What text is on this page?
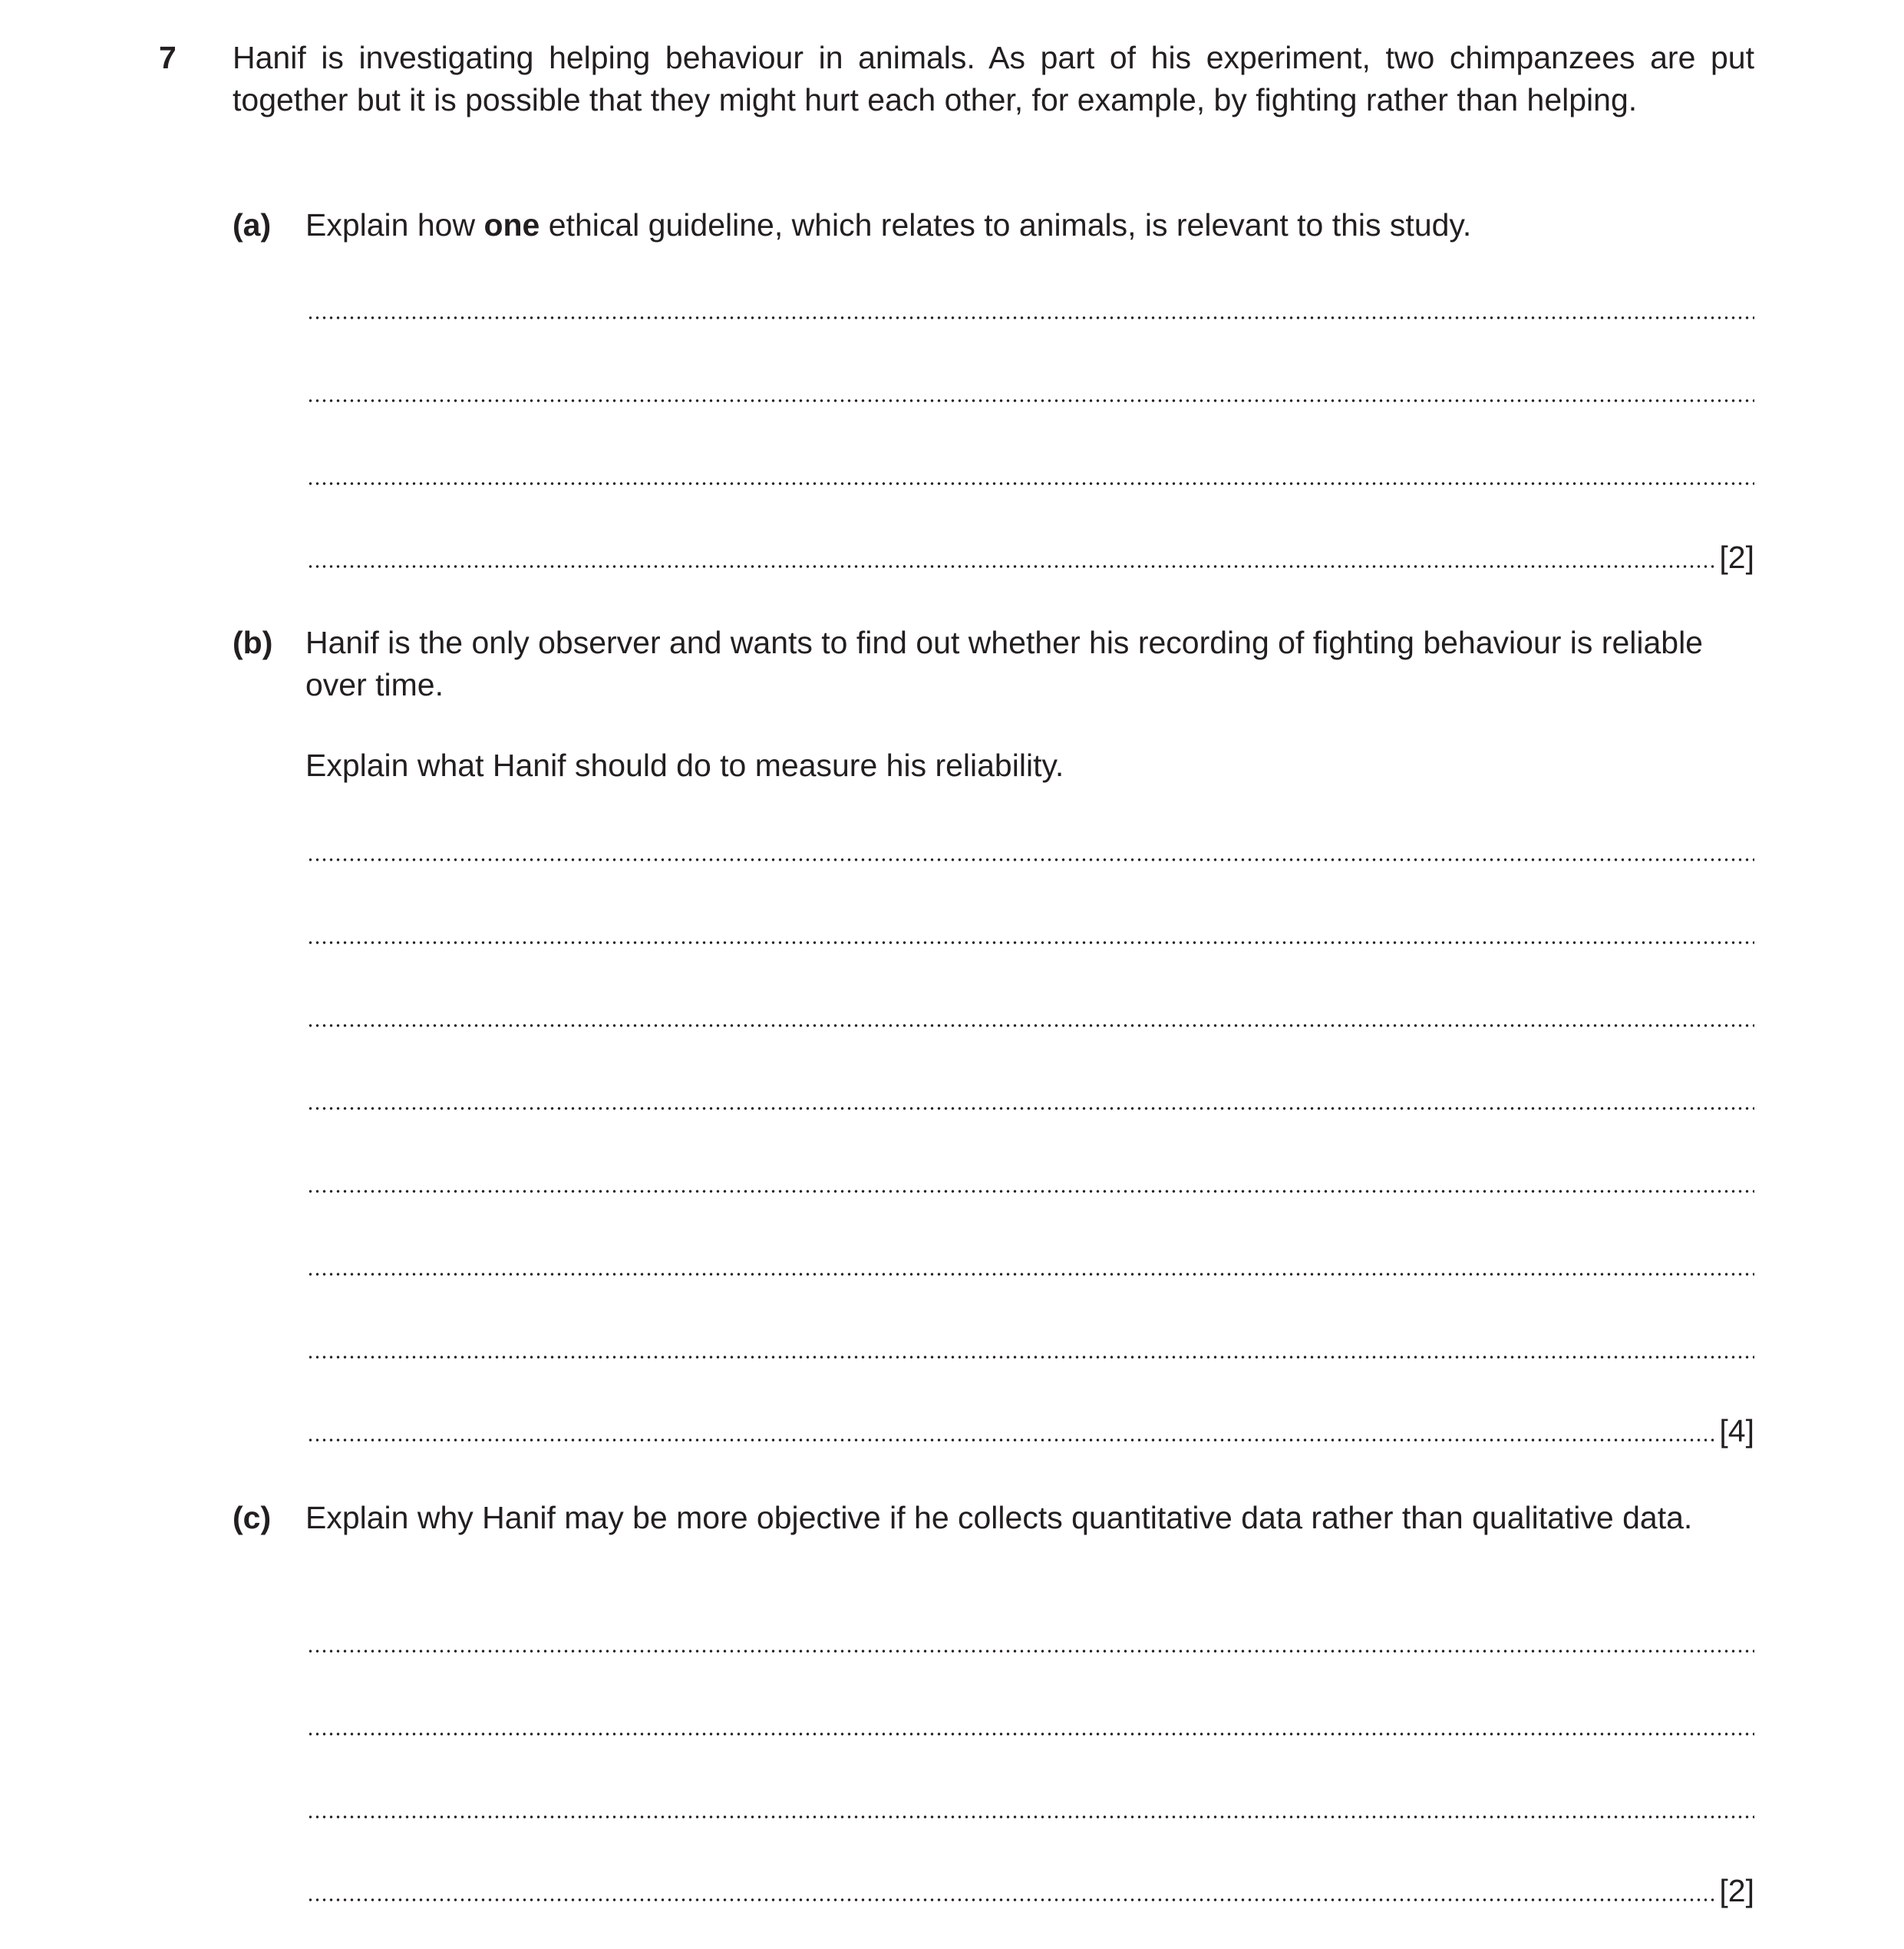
7 Hanif is investigating helping behaviour in animals. As part of his experiment, two chimpanzees are put together but it is possible that they might hurt each other, for example, by fighting rather than helping.
(a) Explain how one ethical guideline, which relates to animals, is relevant to this study.
[2]
(b) Hanif is the only observer and wants to find out whether his recording of fighting behaviour is reliable over time.
Explain what Hanif should do to measure his reliability.
[4]
(c) Explain why Hanif may be more objective if he collects quantitative data rather than qualitative data.
[2]
